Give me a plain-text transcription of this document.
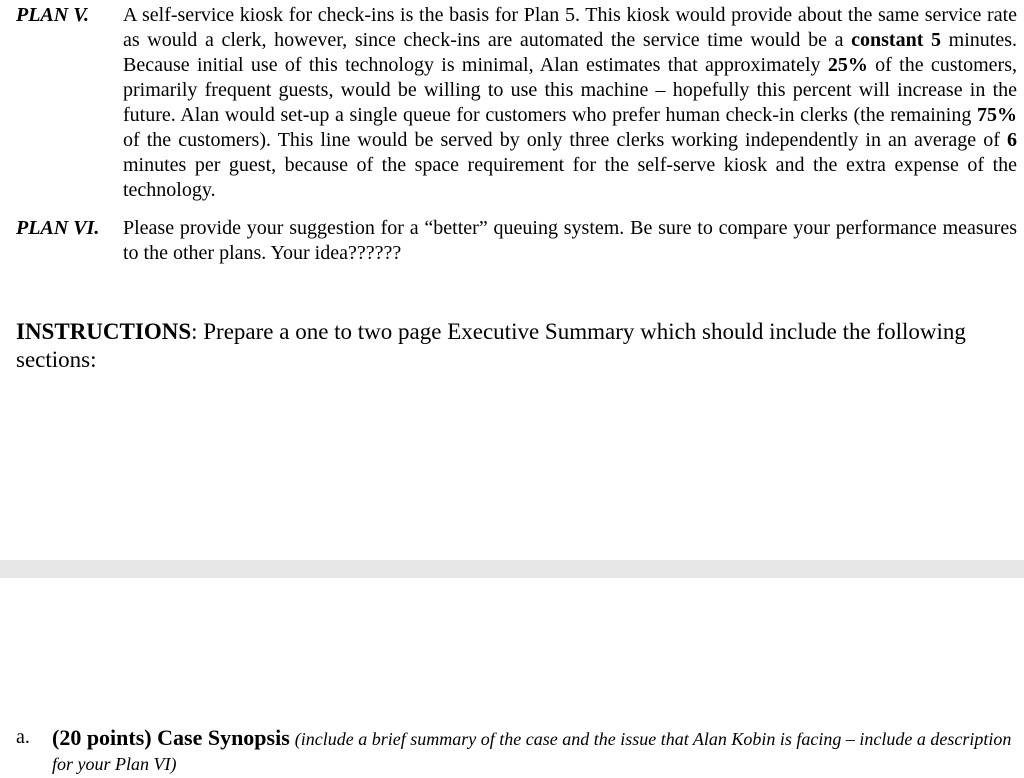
PLAN V. A self-service kiosk for check-ins is the basis for Plan 5. This kiosk would provide about the same service rate as would a clerk, however, since check-ins are automated the service time would be a constant 5 minutes. Because initial use of this technology is minimal, Alan estimates that approximately 25% of the customers, primarily frequent guests, would be willing to use this machine – hopefully this percent will increase in the future. Alan would set-up a single queue for customers who prefer human check-in clerks (the remaining 75% of the customers). This line would be served by only three clerks working independently in an average of 6 minutes per guest, because of the space requirement for the self-serve kiosk and the extra expense of the technology.
PLAN VI. Please provide your suggestion for a “better” queuing system. Be sure to compare your performance measures to the other plans. Your idea??????
INSTRUCTIONS: Prepare a one to two page Executive Summary which should include the following sections:
a. (20 points) Case Synopsis (include a brief summary of the case and the issue that Alan Kobin is facing – include a description for your Plan VI)
